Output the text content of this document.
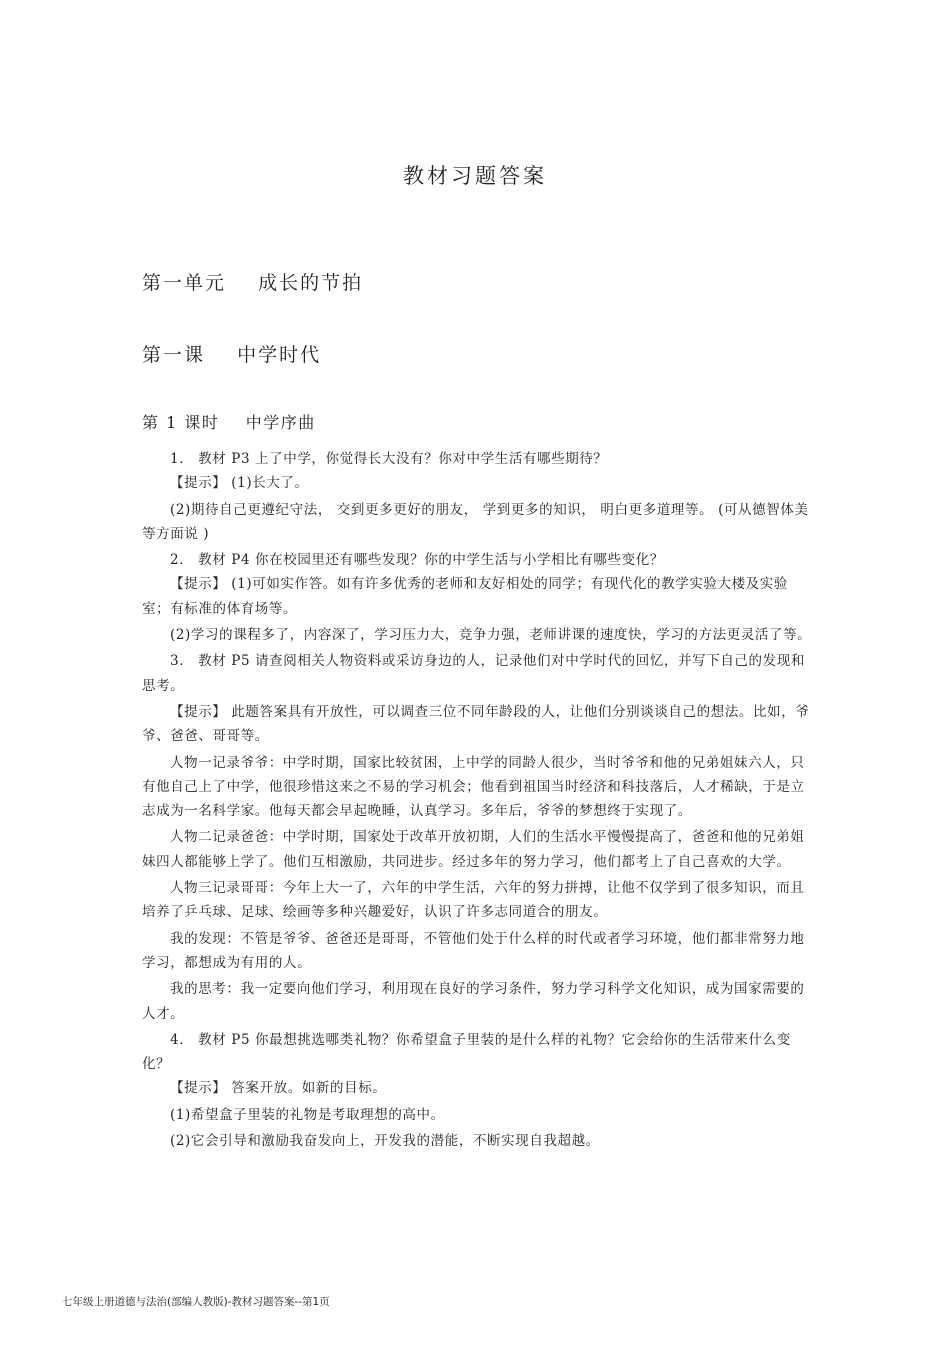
教材习题答案
第一单元    成长的节拍
第一课    中学时代
第 1 课时    中学序曲

1． 教材 P3 上了中学，你觉得长大没有？你对中学生活有哪些期待？

【提示】 (1)长大了。

(2)期待自己更遵纪守法， 交到更多更好的朋友， 学到更多的知识， 明白更多道理等。 (可从德智体美等方面说 )

2． 教材 P4 你在校园里还有哪些发现？你的中学生活与小学相比有哪些变化？

【提示】 (1)可如实作答。如有许多优秀的老师和友好相处的同学；有现代化的教学实验大楼及实验室；有标准的体育场等。

(2)学习的课程多了，内容深了，学习压力大，竞争力强，老师讲课的速度快，学习的方法更灵活了等。

3． 教材 P5 请查阅相关人物资料或采访身边的人，记录他们对中学时代的回忆，并写下自己的发现和思考。

【提示】 此题答案具有开放性，可以调查三位不同年龄段的人，让他们分别谈谈自己的想法。比如，爷爷、爸爸、哥哥等。

人物一记录爷爷：中学时期，国家比较贫困，上中学的同龄人很少，当时爷爷和他的兄弟姐妹六人，只有他自己上了中学，他很珍惜这来之不易的学习机会；他看到祖国当时经济和科技落后，人才稀缺，于是立志成为一名科学家。他每天都会早起晚睡，认真学习。多年后，爷爷的梦想终于实现了。

人物二记录爸爸：中学时期，国家处于改革开放初期，人们的生活水平慢慢提高了，爸爸和他的兄弟姐妹四人都能够上学了。他们互相激励，共同进步。经过多年的努力学习，他们都考上了自己喜欢的大学。

人物三记录哥哥：今年上大一了，六年的中学生活，六年的努力拼搏，让他不仅学到了很多知识，而且培养了乒乓球、足球、绘画等多种兴趣爱好，认识了许多志同道合的朋友。

我的发现：不管是爷爷、爸爸还是哥哥，不管他们处于什么样的时代或者学习环境，他们都非常努力地学习，都想成为有用的人。

我的思考：我一定要向他们学习，利用现在良好的学习条件，努力学习科学文化知识，成为国家需要的人才。

4． 教材 P5 你最想挑选哪类礼物？你希望盒子里装的是什么样的礼物？它会给你的生活带来什么变化？

【提示】 答案开放。如新的目标。

(1)希望盒子里装的礼物是考取理想的高中。

(2)它会引导和激励我奋发向上，开发我的潜能，不断实现自我超越。

七年级上册道德与法治(部编人教版)-教材习题答案--第1页
